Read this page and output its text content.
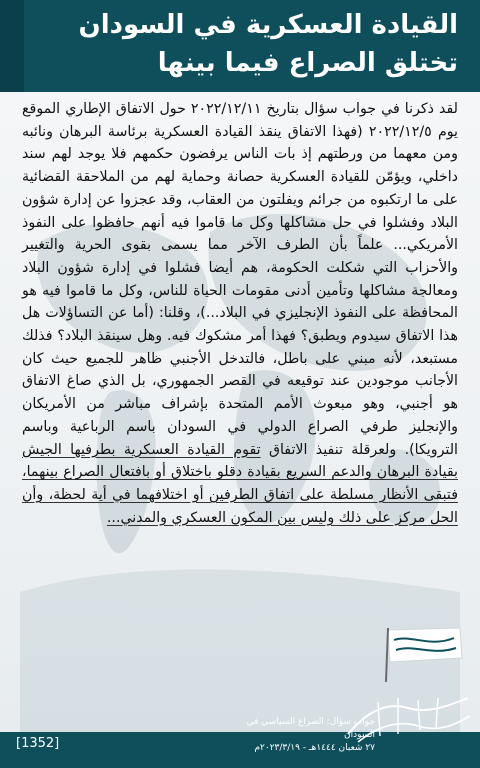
القيادة العسكرية في السودان تختلق الصراع فيما بينها
لقد ذكرنا في جواب سؤال بتاريخ ٢٠٢٢/١٢/١١ حول الاتفاق الإطاري الموقع يوم ٢٠٢٢/١٢/٥ (فهذا الاتفاق ينقذ القيادة العسكرية برئاسة البرهان ونائبه ومن معهما من ورطتهم إذ بات الناس يرفضون حكمهم فلا يوجد لهم سند داخلي، ويؤمّن للقيادة العسكرية حصانة وحماية لهم من الملاحقة القضائية على ما ارتكبوه من جرائم ويفلتون من العقاب، وقد عجزوا عن إدارة شؤون البلاد وفشلوا في حل مشاكلها وكل ما قاموا فيه أنهم حافظوا على النفوذ الأمريكي... علماً بأن الطرف الآخر مما يسمى بقوى الحرية والتغيير والأحزاب التي شكلت الحكومة، هم أيضا فشلوا في إدارة شؤون البلاد ومعالجة مشاكلها وتأمين أدنى مقومات الحياة للناس، وكل ما قاموا فيه هو المحافظة على النفوذ الإنجليزي في البلاد...)، وقلنا: (أما عن التساؤلات هل هذا الاتفاق سيدوم ويطبق؟ فهذا أمر مشكوك فيه. وهل سينقذ البلاد؟ فذلك مستبعد، لأنه مبني على باطل، فالتدخل الأجنبي ظاهر للجميع حيث كان الأجانب موجودين عند توقيعه في القصر الجمهوري، بل الذي صاغ الاتفاق هو أجنبي، وهو مبعوث الأمم المتحدة بإشراف مباشر من الأمريكان والإنجليز طرفي الصراع الدولي في السودان باسم الرباعية وباسم الترويكا). ولعرقلة تنفيذ الاتفاق تقوم القيادة العسكرية بطرفيها الجيش بقيادة البرهان والدعم السريع بقيادة دقلو باختلاق أو بافتعال الصراع بينهما، فتبقى الأنظار مسلطة على اتفاق الطرفين أو اختلافهما في أية لحظة، وأن الحل مركز على ذلك وليس بين المكون العسكري والمدني...
جواب سؤال: الصراع السياسي في السودان
٢٧ شعبان ١٤٤٤هـ - ٢٠٢٣/٣/١٩م
[1352]
